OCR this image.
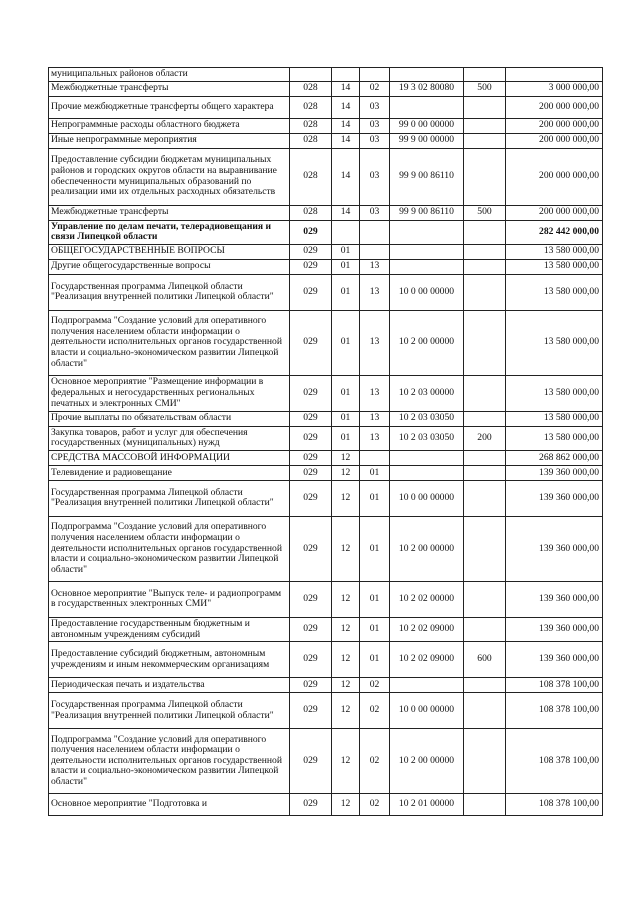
муниципальных районов области						
Межбюджетные трансферты	028	14	02	19 3 02 80080	500	3 000 000,00
Прочие межбюджетные трансферты общего характера	028	14	03			200 000 000,00
Непрограммные расходы областного бюджета	028	14	03	99 0 00 00000		200 000 000,00
Иные непрограммные мероприятия	028	14	03	99 9 00 00000		200 000 000,00
Предоставление субсидии бюджетам муниципальных районов и городских округов области на выравнивание обеспеченности муниципальных образований по реализации ими их отдельных расходных обязательств	028	14	03	99 9 00 86110		200 000 000,00
Межбюджетные трансферты	028	14	03	99 9 00 86110	500	200 000 000,00
Управление по делам печати, телерадиовещания и связи Липецкой области	029					282 442 000,00
ОБЩЕГОСУДАРСТВЕННЫЕ ВОПРОСЫ	029	01				13 580 000,00
Другие общегосударственные вопросы	029	01	13			13 580 000,00
Государственная программа Липецкой области "Реализация внутренней политики Липецкой области"	029	01	13	10 0 00 00000		13 580 000,00
Подпрограмма "Создание условий для оперативного получения населением области информации о деятельности исполнительных органов государственной власти и социально-экономическом развитии Липецкой области"	029	01	13	10 2 00 00000		13 580 000,00
Основное мероприятие "Размещение информации в федеральных и негосударственных региональных печатных и электронных СМИ"	029	01	13	10 2 03 00000		13 580 000,00
Прочие выплаты по обязательствам области	029	01	13	10 2 03 03050		13 580 000,00
Закупка товаров, работ и услуг для обеспечения государственных (муниципальных) нужд	029	01	13	10 2 03 03050	200	13 580 000,00
СРЕДСТВА МАССОВОЙ ИНФОРМАЦИИ	029	12				268 862 000,00
Телевидение и радиовещание	029	12	01			139 360 000,00
Государственная программа Липецкой области "Реализация внутренней политики Липецкой области"	029	12	01	10 0 00 00000		139 360 000,00
Подпрограмма "Создание условий для оперативного получения населением области информации о деятельности исполнительных органов государственной власти и социально-экономическом развитии Липецкой области"	029	12	01	10 2 00 00000		139 360 000,00
Основное мероприятие "Выпуск теле- и радиопрограмм в государственных электронных СМИ"	029	12	01	10 2 02 00000		139 360 000,00
Предоставление государственным бюджетным и автономным учреждениям субсидий	029	12	01	10 2 02 09000		139 360 000,00
Предоставление субсидий бюджетным, автономным учреждениям и иным некоммерческим организациям	029	12	01	10 2 02 09000	600	139 360 000,00
Периодическая печать и издательства	029	12	02			108 378 100,00
Государственная программа Липецкой области "Реализация внутренней политики Липецкой области"	029	12	02	10 0 00 00000		108 378 100,00
Подпрограмма "Создание условий для оперативного получения населением области информации о деятельности исполнительных органов государственной власти и социально-экономическом развитии Липецкой области"	029	12	02	10 2 00 00000		108 378 100,00
Основное мероприятие "Подготовка и	029	12	02	10 2 01 00000		108 378 100,00
